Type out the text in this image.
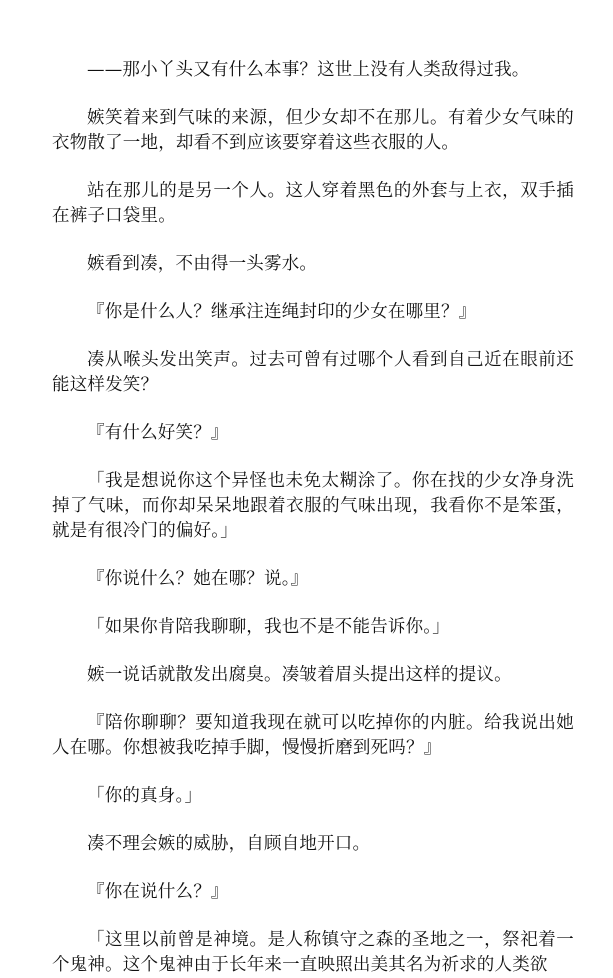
——那小丫头又有什么本事？这世上没有人类敌得过我。

嫉笑着来到气味的来源，但少女却不在那儿。有着少女气味的衣物散了一地，却看不到应该要穿着这些衣服的人。

站在那儿的是另一个人。这人穿着黑色的外套与上衣，双手插在裤子口袋里。

嫉看到凑，不由得一头雾水。

『你是什么人？继承注连绳封印的少女在哪里？』

凑从喉头发出笑声。过去可曾有过哪个人看到自己近在眼前还能这样发笑？

『有什么好笑？』

「我是想说你这个异怪也未免太糊涂了。你在找的少女净身洗掉了气味，而你却呆呆地跟着衣服的气味出现，我看你不是笨蛋，就是有很冷门的偏好。」

『你说什么？她在哪？说。』

「如果你肯陪我聊聊，我也不是不能告诉你。」

嫉一说话就散发出腐臭。凑皱着眉头提出这样的提议。

『陪你聊聊？要知道我现在就可以吃掉你的内脏。给我说出她人在哪。你想被我吃掉手脚，慢慢折磨到死吗？』

「你的真身。」

凑不理会嫉的威胁，自顾自地开口。

『你在说什么？』

「这里以前曾是神境。是人称镇守之森的圣地之一，祭祀着一个鬼神。这个鬼神由于长年来一直映照出美其名为祈求的人类欲
